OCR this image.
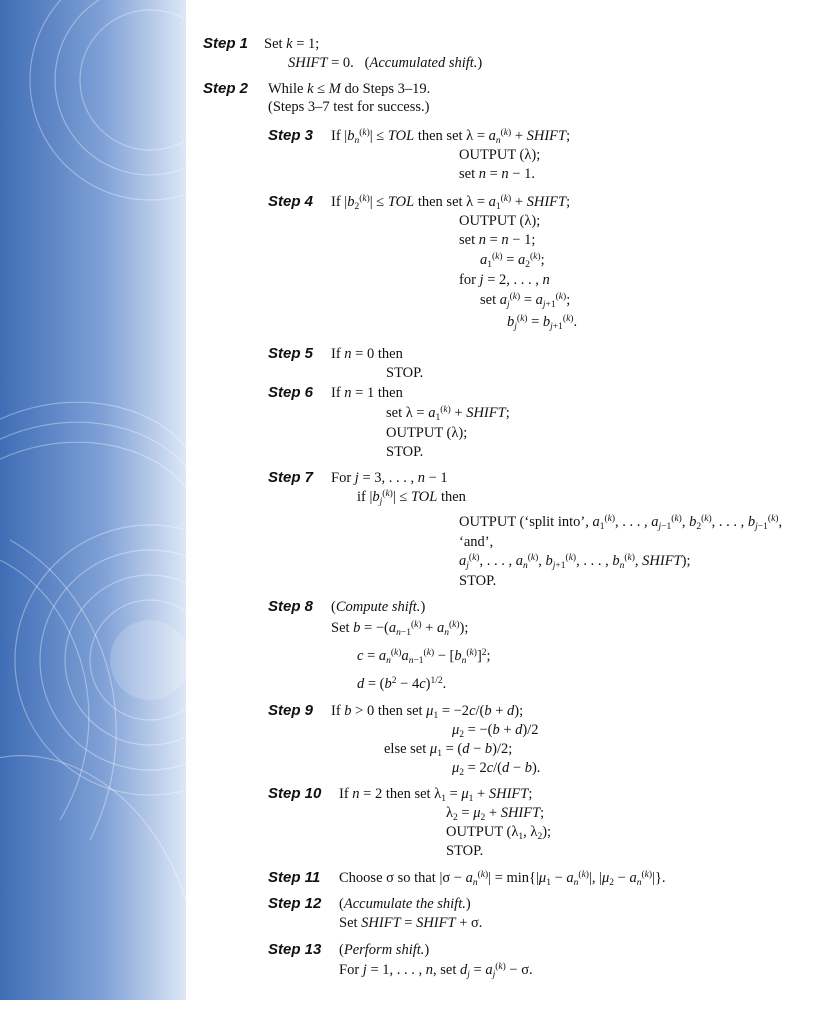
Step 1 Set k = 1;
SHIFT = 0.   (Accumulated shift.)
Step 2 While k ≤ M do Steps 3–19.
(Steps 3–7 test for success.)
Step 3 If $|b_n^{(k)}|$ ≤ TOL then set $\lambda = a_n^{(k)}$ + SHIFT;
OUTPUT (λ);
set n = n − 1.
Step 4 If $|b_2^{(k)}|$ ≤ TOL then set $\lambda = a_1^{(k)}$ + SHIFT;
OUTPUT (λ);
set n = n − 1;
$a_1^{(k)} = a_2^{(k)}$;
for j = 2, . . . , n
set $a_j^{(k)} = a_{j+1}^{(k)}$;
$b_j^{(k)} = b_{j+1}^{(k)}$.
Step 5 If n = 0 then
STOP.
Step 6 If n = 1 then
set $\lambda = a_1^{(k)}$ + SHIFT;
OUTPUT (λ);
STOP.
Step 7 For j = 3, . . . , n − 1
if $|b_j^{(k)}|$ ≤ TOL then
OUTPUT (‘split into’, $a_1^{(k)}$, . . . , $a_{j-1}^{(k)}$, $b_2^{(k)}$, . . . , $b_{j-1}^{(k)}$,
‘and’,
$a_j^{(k)}$, . . . , $a_n^{(k)}$, $b_{j+1}^{(k)}$, . . . , $b_n^{(k)}$, SHIFT);
STOP.
Step 8 (Compute shift.)
Set $b = -(a_{n-1}^{(k)} + a_n^{(k)})$;
$c = a_n^{(k)}a_{n-1}^{(k)} - [b_n^{(k)}]^2$;
$d = (b^2 - 4c)^{1/2}$.
Step 9 If b > 0 then set $\mu_1 = -2c/(b + d)$;
$\mu_2 = -(b + d)/2$
else set $\mu_1 = (d - b)/2$;
$\mu_2 = 2c/(d - b)$.
Step 10 If n = 2 then set $\lambda_1 = \mu_1$ + SHIFT;
$\lambda_2 = \mu_2$ + SHIFT;
OUTPUT ($\lambda_1$, $\lambda_2$);
STOP.
Step 11 Choose σ so that $|\sigma - a_n^{(k)}| = \min\{|\mu_1 - a_n^{(k)}|$, $|\mu_2 - a_n^{(k)}|$}.
Step 12 (Accumulate the shift.)
Set SHIFT = SHIFT + σ.
Step 13 (Perform shift.)
For j = 1, . . . , n, set $d_j = a_j^{(k)} - \sigma$.
